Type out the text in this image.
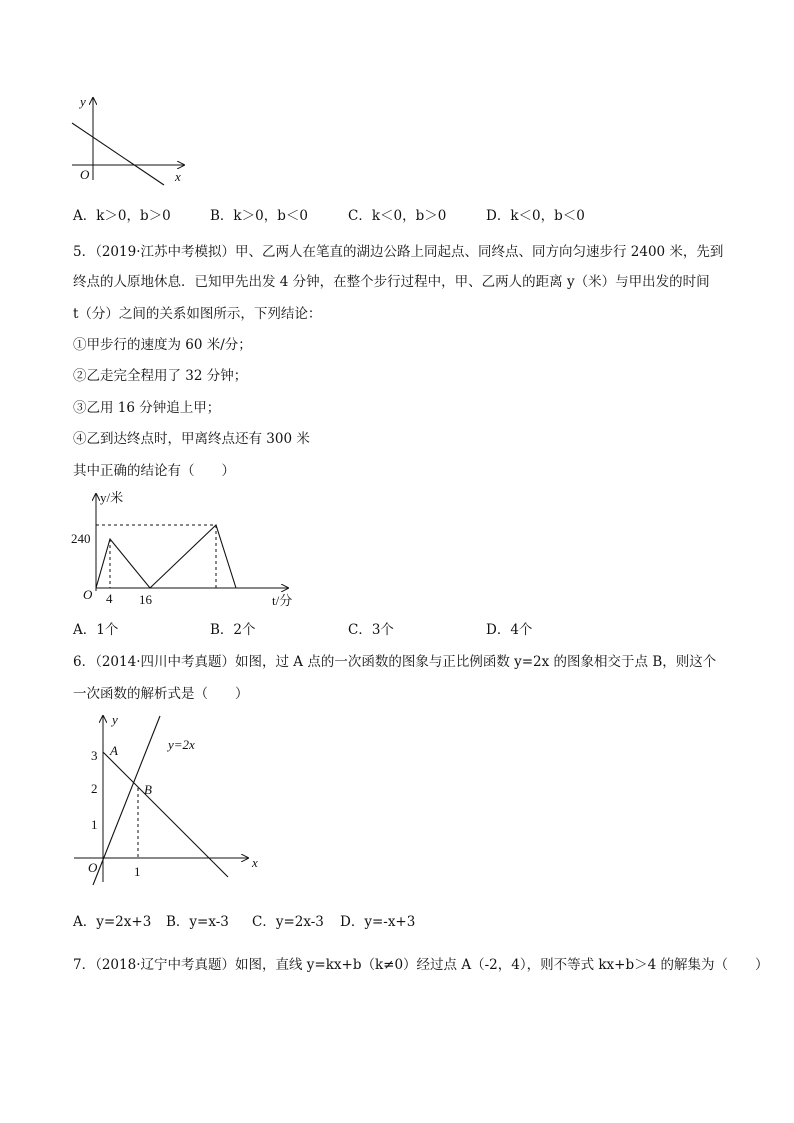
y
x
O
A．k＞0，b＞0	B．k＞0，b＜0	C．k＜0，b＞0	D．k＜0，b＜0
5．（2019·江苏中考模拟）甲、乙两人在笔直的湖边公路上同起点、同终点、同方向匀速步行 2400 米，先到
终点的人原地休息．已知甲先出发 4 分钟，在整个步行过程中，甲、乙两人的距离 y（米）与甲出发的时间
t（分）之间的关系如图所示，下列结论：
①甲步行的速度为 60 米/分；
②乙走完全程用了 32 分钟；
③乙用 16 分钟追上甲；
④乙到达终点时，甲离终点还有 300 米
其中正确的结论有（　　）
y/米
t/分
O
240
4 16
A．1个	B．2个	C．3个	D．4个
6．（2014·四川中考真题）如图，过 A 点的一次函数的图象与正比例函数 y=2x 的图象相交于点 B，则这个
一次函数的解析式是（　　）
y
x
O
y=2x
A
B
3
2
1
1
A．y=2x+3 B．y=x-3 C．y=2x-3 D．y=-x+3
7．（2018·辽宁中考真题）如图，直线 y=kx+b（k≠0）经过点 A（-2，4），则不等式 kx+b＞4 的解集为（　　）
